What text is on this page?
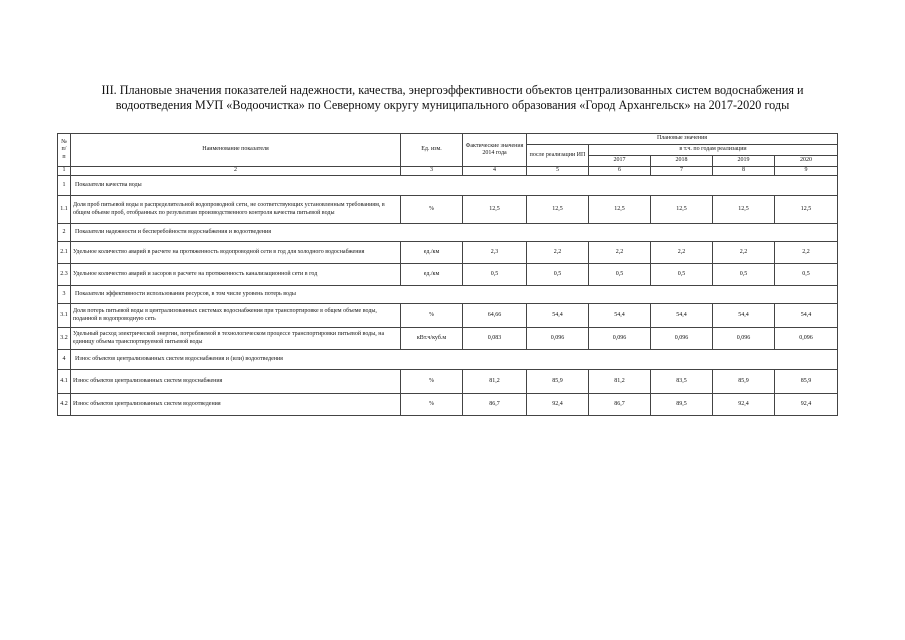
III. Плановые значения показателей надежности, качества, энергоэффективности объектов централизованных систем водоснабжения и
водоотведения МУП «Водоочистка» по Северному округу муниципального образования «Город Архангельск» на 2017-2020 годы
№ п/п	Наименование показателя	Ед. изм.	Фактические значения 2014 года	Плановые значения				
				после реализации ИП	в т.ч. по годам реализации			
					2017	2018	2019	2020
1	2	3	4	5	6	7	8	9
1	Показатели качества воды							
1.1	Доля проб питьевой воды в распределительной водопроводной сети, не соответствующих установленным требованиям, в общем объеме проб, отобранных по результатам производственного контроля качества питьевой воды	%	12,5	12,5	12,5	12,5	12,5	12,5
2	Показатели надежности и бесперебойности водоснабжения и водоотведения							
2.1	Удельное количество аварий в расчете на протяженность водопроводной сети в год для холодного водоснабжения	ед./км	2,3	2,2	2,2	2,2	2,2	2,2
2.3	Удельное количество аварий и засоров в расчете на протяженность канализационной сети в год	ед./км	0,5	0,5	0,5	0,5	0,5	0,5
3	Показатели эффективности использования ресурсов, в том числе уровень потерь воды							
3.1	Доля потерь питьевой воды в централизованных системах водоснабжения при транспортировке в общем объеме воды, поданной в водопроводную сеть	%	64,66	54,4	54,4	54,4	54,4	54,4
3.2	Удельный расход электрической энергии, потребляемой в технологическом процессе транспортировки питьевой воды, на единицу объема транспортируемой питьевой воды	кВт.ч/куб.м	0,083	0,096	0,096	0,096	0,096	0,096
4	Износ объектов централизованных систем водоснабжения и (или) водоотведения							
4.1	Износ объектов централизованных систем водоснабжения	%	81,2	85,9	81,2	83,5	85,9	85,9
4.2	Износ объектов централизованных систем водоотведения	%	86,7	92,4	86,7	89,5	92,4	92,4
